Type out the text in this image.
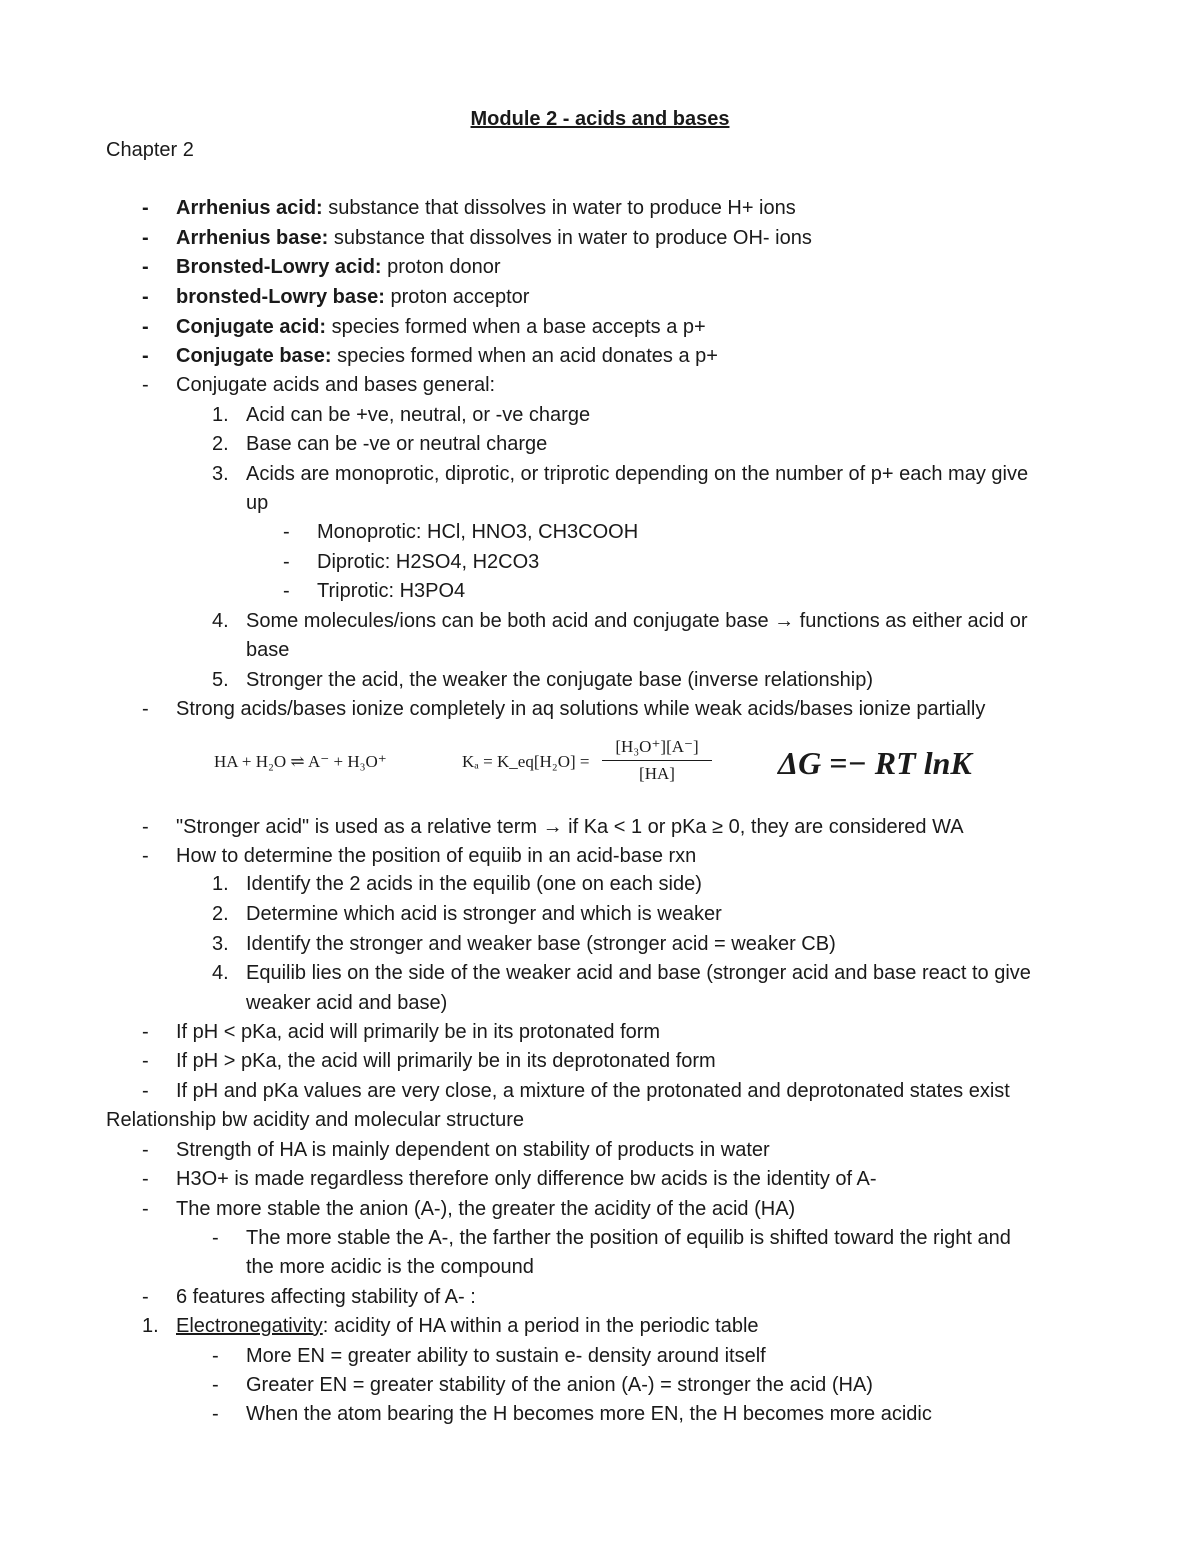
Module 2 - acids and bases
Chapter 2
- Arrhenius acid: substance that dissolves in water to produce H+ ions
- Arrhenius base: substance that dissolves in water to produce OH- ions
- Bronsted-Lowry acid: proton donor
- bronsted-Lowry base: proton acceptor
- Conjugate acid: species formed when a base accepts a p+
- Conjugate base: species formed when an acid donates a p+
- Conjugate acids and bases general:
1. Acid can be +ve, neutral, or -ve charge
2. Base can be -ve or neutral charge
3. Acids are monoprotic, diprotic, or triprotic depending on the number of p+ each may give
up
- Monoprotic: HCl, HNO3, CH3COOH
- Diprotic: H2SO4, H2CO3
- Triprotic: H3PO4
4. Some molecules/ions can be both acid and conjugate base → functions as either acid or
base
5. Stronger the acid, the weaker the conjugate base (inverse relationship)
- Strong acids/bases ionize completely in aq solutions while weak acids/bases ionize partially
HA + H₂O ⇌ A⁻ + H₃O⁺	Kₐ = K_eq[H₂O] = $\frac{\text{[H₃O⁺][A⁻]}}{[HA]}$ ΔG =− RT lnK
- "Stronger acid" is used as a relative term → if Ka < 1 or pKa ≥ 0, they are considered WA
- How to determine the position of equiib in an acid-base rxn
1. Identify the 2 acids in the equilib (one on each side)
2. Determine which acid is stronger and which is weaker
3. Identify the stronger and weaker base (stronger acid = weaker CB)
4. Equilib lies on the side of the weaker acid and base (stronger acid and base react to give
weaker acid and base)
- If pH < pKa, acid will primarily be in its protonated form
- If pH > pKa, the acid will primarily be in its deprotonated form
- If pH and pKa values are very close, a mixture of the protonated and deprotonated states exist
Relationship bw acidity and molecular structure
- Strength of HA is mainly dependent on stability of products in water
- H3O+ is made regardless therefore only difference bw acids is the identity of A-
- The more stable the anion (A-), the greater the acidity of the acid (HA)
- The more stable the A-, the farther the position of equilib is shifted toward the right and
the more acidic is the compound
- 6 features affecting stability of A- :
1. Electronegativity: acidity of HA within a period in the periodic table
- More EN = greater ability to sustain e- density around itself
- Greater EN = greater stability of the anion (A-) = stronger the acid (HA)
- When the atom bearing the H becomes more EN, the H becomes more acidic
